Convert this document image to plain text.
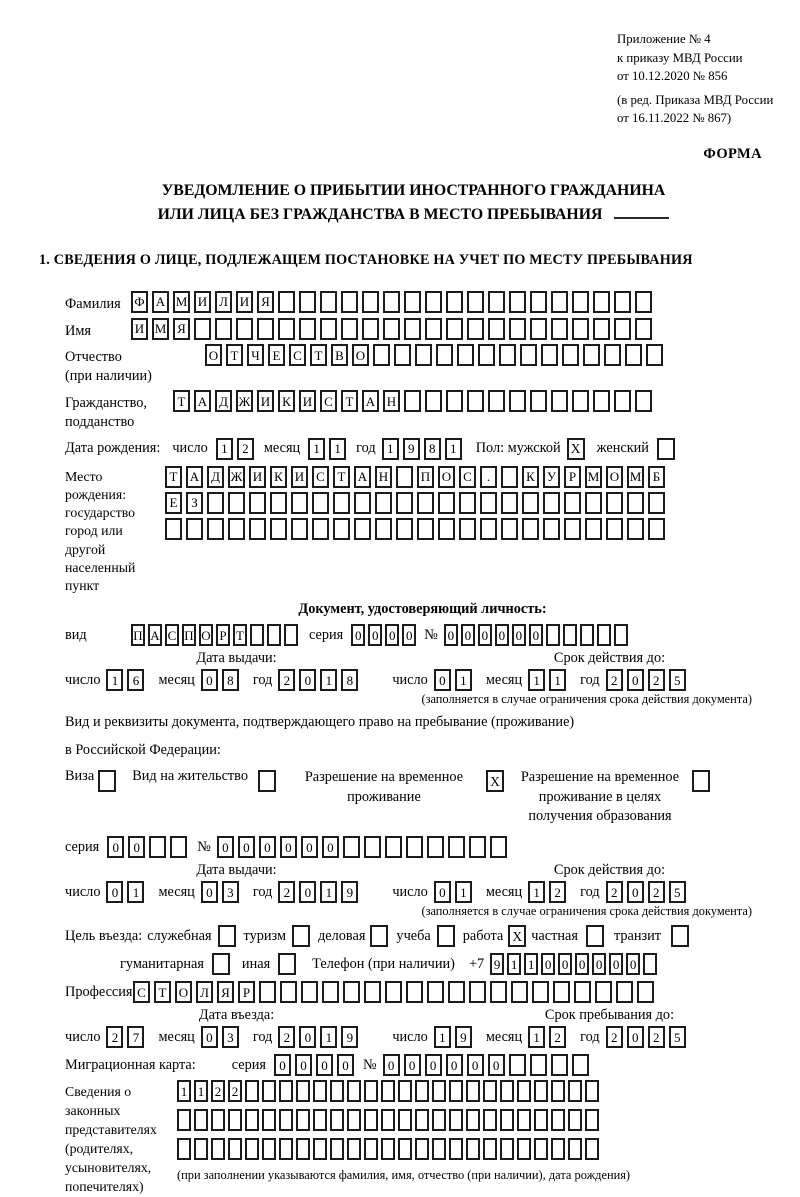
Приложение № 4
к приказу МВД России
от 10.12.2020 № 856
(в ред. Приказа МВД России
от 16.11.2022 № 867)
ФОРМА
УВЕДОМЛЕНИЕ О ПРИБЫТИИ ИНОСТРАННОГО ГРАЖДАНИНА
ИЛИ ЛИЦА БЕЗ ГРАЖДАНСТВА В МЕСТО ПРЕБЫВАНИЯ
1. СВЕДЕНИЯ О ЛИЦЕ, ПОДЛЕЖАЩЕМ ПОСТАНОВКЕ НА УЧЕТ ПО МЕСТУ ПРЕБЫВАНИЯ
Фамилия	Ф А М И Л И Я
Имя	И М Я
Отчество
(при наличии)
О Т Ч Е С Т В О
Гражданство,
подданство
Т А Д Ж И К И С Т А Н
Дата рождения: число	1	2	месяц	1	1	год 1	9	8	1	Пол: мужской X женский
Место рождения:
государство
город или другой
населенный пункт
Т А Д Ж И К И С Т А Н	П О С	.	К У Р М О М Б
Е	З
Документ, удостоверяющий личность:
вид	П А С П О Р Т	серия 0 0 0 0 № 0 0 0 0 0 0
Дата выдачи:	Срок действия до:
число 1	6	месяц 0	8	год 2	0	1	8	число 0	1	месяц 1	1	год 2	0	2	5
(заполняется в случае ограничения срока действия документа)
Вид и реквизиты документа, подтверждающего право на пребывание (проживание)
в Российской Федерации:
Виза	Вид на жительство	Разрешение на временное
проживание
X	Разрешение на временное
проживание в целях
получения образования
серия	0	0	№ 0	0	0	0	0	0
Дата выдачи:	Срок действия до:
число 0	1	месяц 0	3	год 2	0	1	9	число 0	1	месяц 1	2	год 2	0	2	5
(заполняется в случае ограничения срока действия документа)
Цель въезда: служебная туризм деловая учеба работа X частная	транзит
гуманитарная	иная	Телефон (при наличии) +7 9 1 1 0 0 0 0 0 0
Профессия С Т О Л Я	Р
Дата въезда:	Срок пребывания до:
число 2	7	месяц 0	3	год 2	0	1	9	число 1	9	месяц 1	2	год 2	0	2	5
Миграционная карта:	серия	0	0	0	0 № 0	0	0	0	0	0
Сведения о
законных
представителях
(родителях,
усыновителях,
попечителях)
1 1 2 2
(при заполнении указываются фамилия, имя, отчество (при наличии), дата рождения)
